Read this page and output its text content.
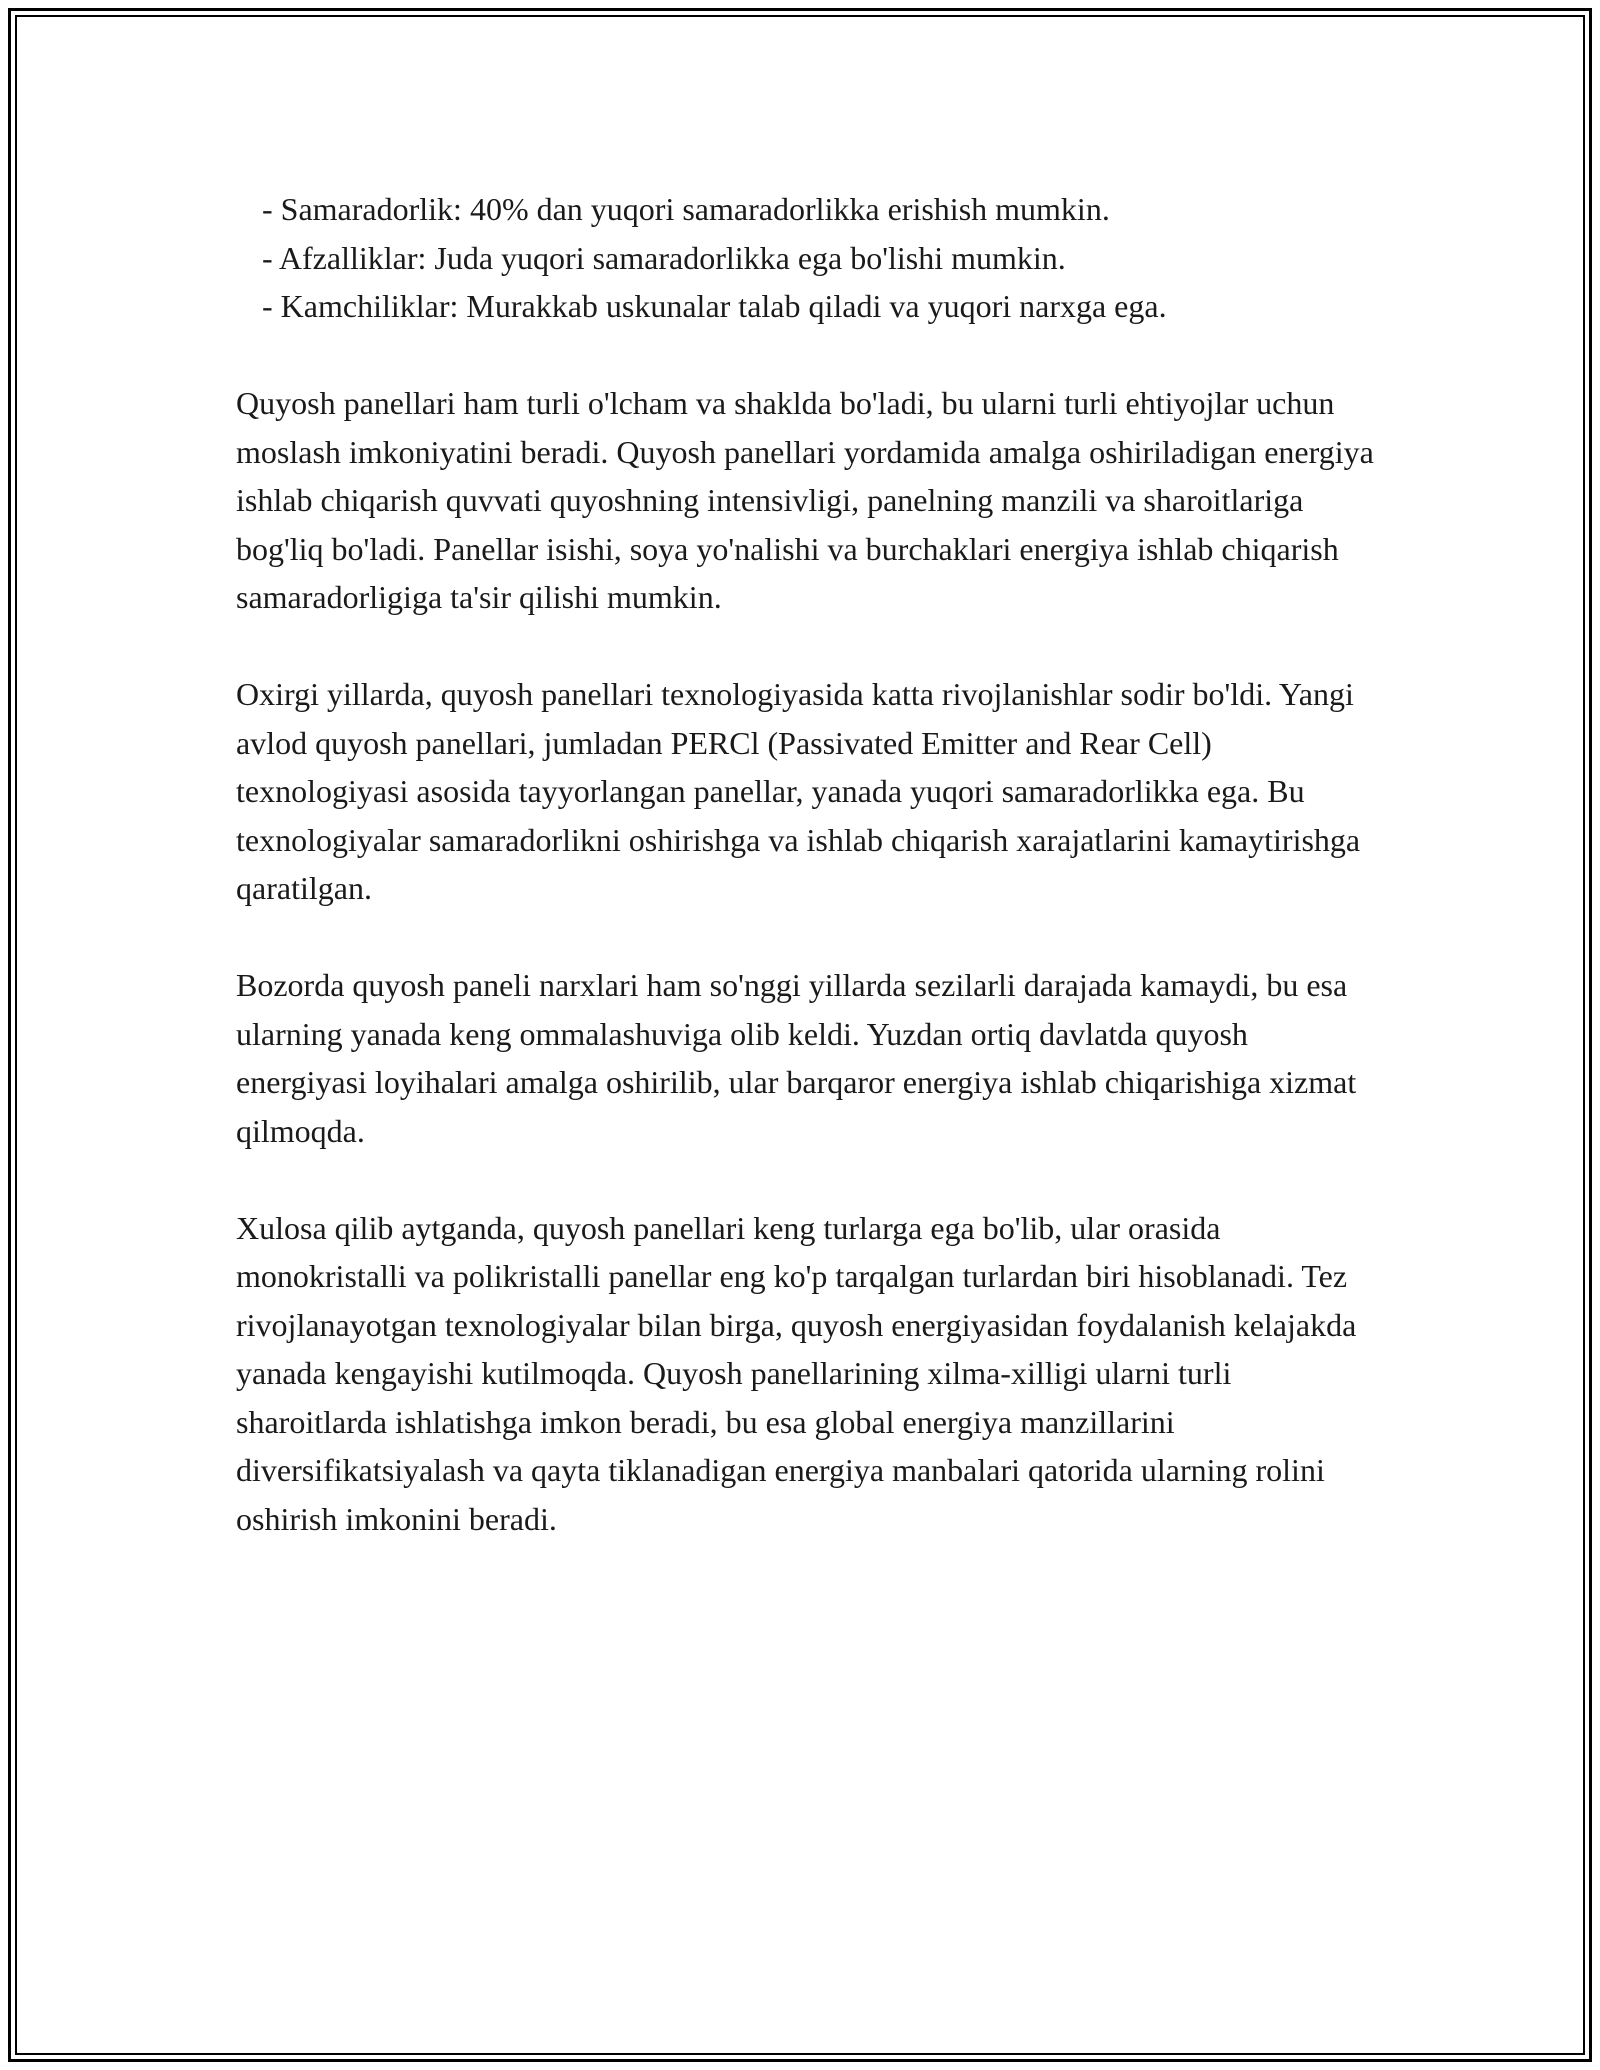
- Samaradorlik: 40% dan yuqori samaradorlikka erishish mumkin.
- Afzalliklar: Juda yuqori samaradorlikka ega bo'lishi mumkin.
- Kamchiliklar: Murakkab uskunalar talab qiladi va yuqori narxga ega.

Quyosh panellari ham turli o'lcham va shaklda bo'ladi, bu ularni turli ehtiyojlar uchun moslash imkoniyatini beradi. Quyosh panellari yordamida amalga oshiriladigan energiya ishlab chiqarish quvvati quyoshning intensivligi, panelning manzili va sharoitlariga bog'liq bo'ladi. Panellar isishi, soya yo'nalishi va burchaklari energiya ishlab chiqarish samaradorligiga ta'sir qilishi mumkin.

Oxirgi yillarda, quyosh panellari texnologiyasida katta rivojlanishlar sodir bo'ldi. Yangi avlod quyosh panellari, jumladan PERCl (Passivated Emitter and Rear Cell) texnologiyasi asosida tayyorlangan panellar, yanada yuqori samaradorlikka ega. Bu texnologiyalar samaradorlikni oshirishga va ishlab chiqarish xarajatlarini kamaytirishga qaratilgan.

Bozorda quyosh paneli narxlari ham so'nggi yillarda sezilarli darajada kamaydi, bu esa ularning yanada keng ommalashuviga olib keldi. Yuzdan ortiq davlatda quyosh energiyasi loyihalari amalga oshirilib, ular barqaror energiya ishlab chiqarishiga xizmat qilmoqda.

Xulosa qilib aytganda, quyosh panellari keng turlarga ega bo'lib, ular orasida monokristalli va polikristalli panellar eng ko'p tarqalgan turlardan biri hisoblanadi. Tez rivojlanayotgan texnologiyalar bilan birga, quyosh energiyasidan foydalanish kelajakda yanada kengayishi kutilmoqda. Quyosh panellarining xilma-xilligi ularni turli sharoitlarda ishlatishga imkon beradi, bu esa global energiya manzillarini diversifikatsiyalash va qayta tiklanadigan energiya manbalari qatorida ularning rolini oshirish imkonini beradi.
